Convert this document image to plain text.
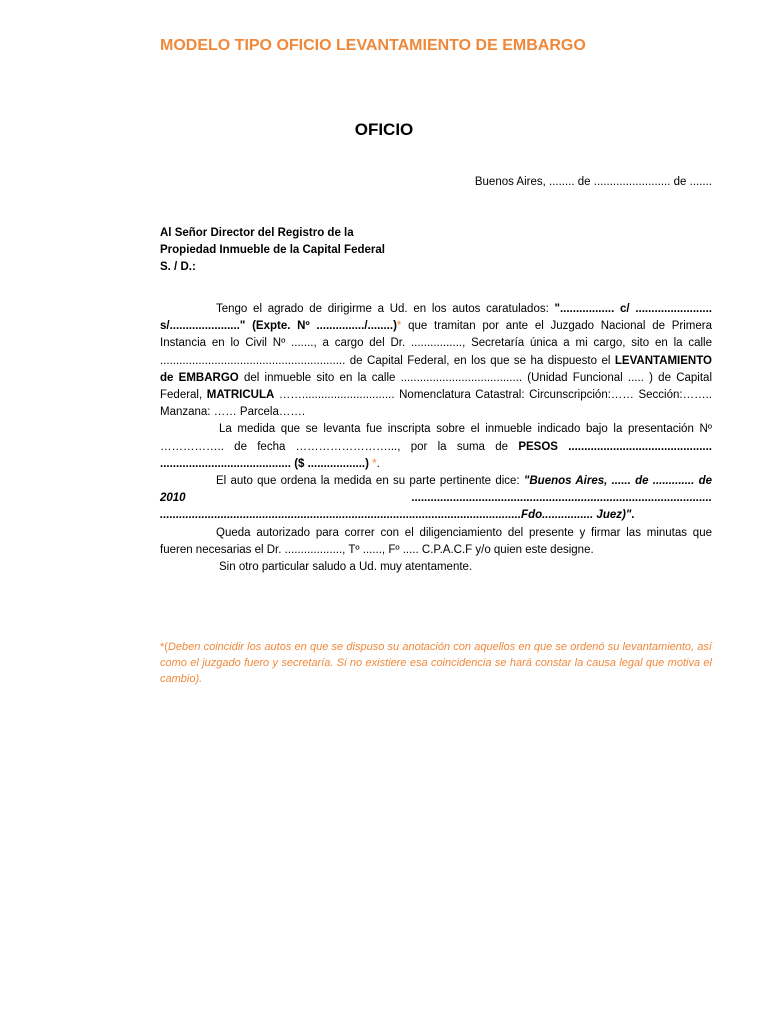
MODELO TIPO OFICIO LEVANTAMIENTO DE EMBARGO
OFICIO
Buenos Aires, ........ de ........................ de .......
Al Señor Director del Registro de la
Propiedad Inmueble de la Capital Federal
S. / D.:

Tengo el agrado de dirigirme a Ud. en los autos caratulados: "................. c/ ........................ s/......................" (Expte. Nº .............../........)* que tramitan por ante el Juzgado Nacional de Primera Instancia en lo Civil Nº ......., a cargo del Dr. ................, Secretaría única a mi cargo, sito en la calle .......................................................... de Capital Federal, en los que se ha dispuesto el LEVANTAMIENTO de EMBARGO del inmueble sito en la calle ...................................... (Unidad Funcional ..... ) de Capital Federal, MATRICULA ……............................. Nomenclatura Catastral: Circunscripción:…… Sección:…….. Manzana: …… Parcela…….

La medida que se levanta fue inscripta sobre el inmueble indicado bajo la presentación Nº …………….. de fecha ……………………..., por la suma de PESOS ............................................. ......................................... ($ ..................) *.

El auto que ordena la medida en su parte pertinente dice: "Buenos Aires, ...... de ............. de 2010 .............................................................................................. .................................................................................................................Fdo................ Juez)".

Queda autorizado para correr con el diligenciamiento del presente y firmar las minutas que fueren necesarias el Dr. .................., Tº ......, Fº ..... C.P.A.C.F y/o quien este designe.

Sin otro particular saludo a Ud. muy atentamente.

*(Deben coincidir los autos en que se dispuso su anotación con aquellos en que se ordenó su levantamiento, así como el juzgado fuero y secretaría. Si no existiere esa coincidencia se hará constar la causa legal que motiva el cambio).
